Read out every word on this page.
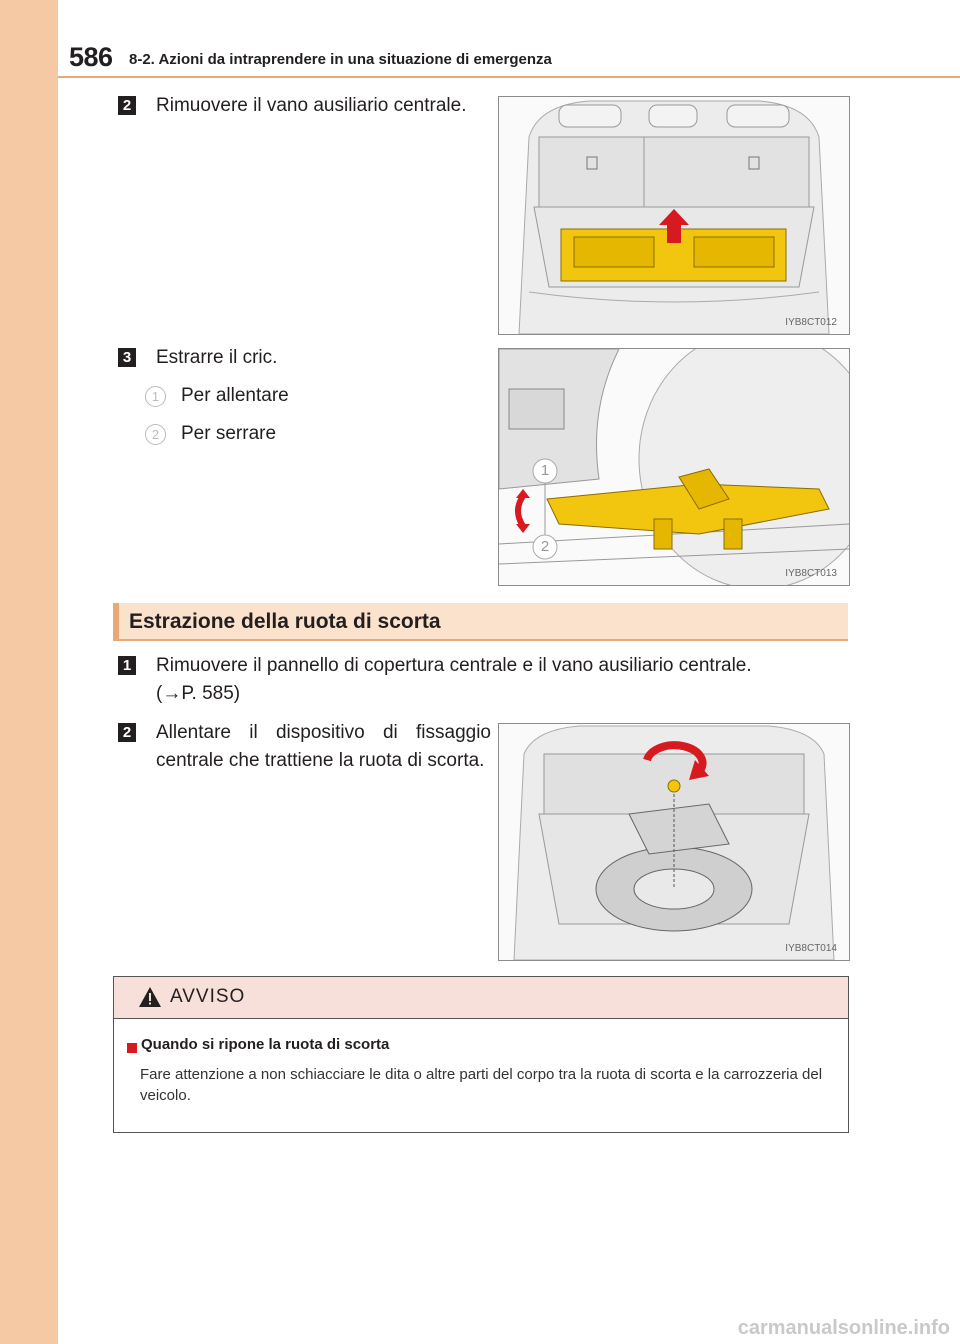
586 8-2. Azioni da intraprendere in una situazione di emergenza
2 Rimuovere il vano ausiliario centrale.
IYB8CT012
3 Estrarre il cric.
1	Per allentare
2	Per serrare
1
2
IYB8CT013
Estrazione della ruota di scorta
1 Rimuovere il pannello di copertura centrale e il vano ausiliario centrale.
(→P. 585)
2 Allentare il dispositivo di fissaggio centrale che trattiene la ruota di scorta.
IYB8CT014
AVVISO
Quando si ripone la ruota di scorta
Fare attenzione a non schiacciare le dita o altre parti del corpo tra la ruota di scorta e la carrozzeria del veicolo.
carmanualsonline.info
